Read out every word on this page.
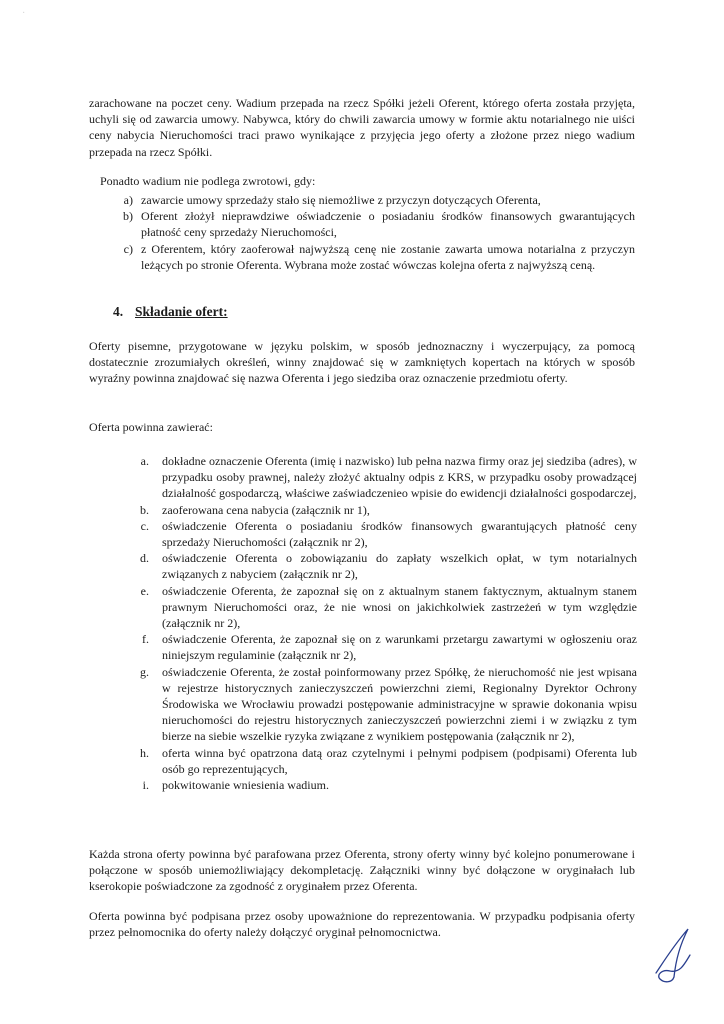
zarachowane na poczet ceny. Wadium przepada na rzecz Spółki jeżeli Oferent, którego oferta została przyjęta, uchyli się od zawarcia umowy. Nabywca, który do chwili zawarcia umowy w formie aktu notarialnego nie uiści ceny nabycia Nieruchomości traci prawo wynikające z przyjęcia jego oferty a złożone przez niego wadium przepada na rzecz Spółki.

Ponadto wadium nie podlega zwrotowi, gdy:

a) zawarcie umowy sprzedaży stało się niemożliwe z przyczyn dotyczących Oferenta,
b) Oferent złożył nieprawdziwe oświadczenie o posiadaniu środków finansowych gwarantujących płatność ceny sprzedaży Nieruchomości,
c) z Oferentem, który zaoferował najwyższą cenę nie zostanie zawarta umowa notarialna z przyczyn leżących po stronie Oferenta. Wybrana może zostać wówczas kolejna oferta z najwyższą ceną.
4. Składanie ofert:

Oferty pisemne, przygotowane w języku polskim, w sposób jednoznaczny i wyczerpujący, za pomocą dostatecznie zrozumiałych określeń, winny znajdować się w zamkniętych kopertach na których w sposób wyraźny powinna znajdować się nazwa Oferenta i jego siedziba oraz oznaczenie przedmiotu oferty.

Oferta powinna zawierać:

a. dokładne oznaczenie Oferenta (imię i nazwisko) lub pełna nazwa firmy oraz jej siedziba (adres), w przypadku osoby prawnej, należy złożyć aktualny odpis z KRS, w przypadku osoby prowadzącej działalność gospodarczą, właściwe zaświadczenieo wpisie do ewidencji działalności gospodarczej,
b. zaoferowana cena nabycia (załącznik nr 1),
c. oświadczenie Oferenta o posiadaniu środków finansowych gwarantujących płatność ceny sprzedaży Nieruchomości (załącznik nr 2),
d. oświadczenie Oferenta o zobowiązaniu do zapłaty wszelkich opłat, w tym notarialnych związanych z nabyciem (załącznik nr 2),
e. oświadczenie Oferenta, że zapoznał się on z aktualnym stanem faktycznym, aktualnym stanem prawnym Nieruchomości oraz, że nie wnosi on jakichkolwiek zastrzeżeń w tym względzie (załącznik nr 2),
f. oświadczenie Oferenta, że zapoznał się on z warunkami przetargu zawartymi w ogłoszeniu oraz niniejszym regulaminie (załącznik nr 2),
g. oświadczenie Oferenta, że został poinformowany przez Spółkę, że nieruchomość nie jest wpisana w rejestrze historycznych zanieczyszczeń powierzchni ziemi, Regionalny Dyrektor Ochrony Środowiska we Wrocławiu prowadzi postępowanie administracyjne w sprawie dokonania wpisu nieruchomości do rejestru historycznych zanieczyszczeń powierzchni ziemi i w związku z tym bierze na siebie wszelkie ryzyka związane z wynikiem postępowania (załącznik nr 2),
h. oferta winna być opatrzona datą oraz czytelnymi i pełnymi podpisem (podpisami) Oferenta lub osób go reprezentujących,
i. pokwitowanie wniesienia wadium.

Każda strona oferty powinna być parafowana przez Oferenta, strony oferty winny być kolejno ponumerowane i połączone w sposób uniemożliwiający dekompletację. Załączniki winny być dołączone w oryginałach lub kserokopie poświadczone za zgodność z oryginałem przez Oferenta.

Oferta powinna być podpisana przez osoby upoważnione do reprezentowania. W przypadku podpisania oferty przez pełnomocnika do oferty należy dołączyć oryginał pełnomocnictwa.

·
